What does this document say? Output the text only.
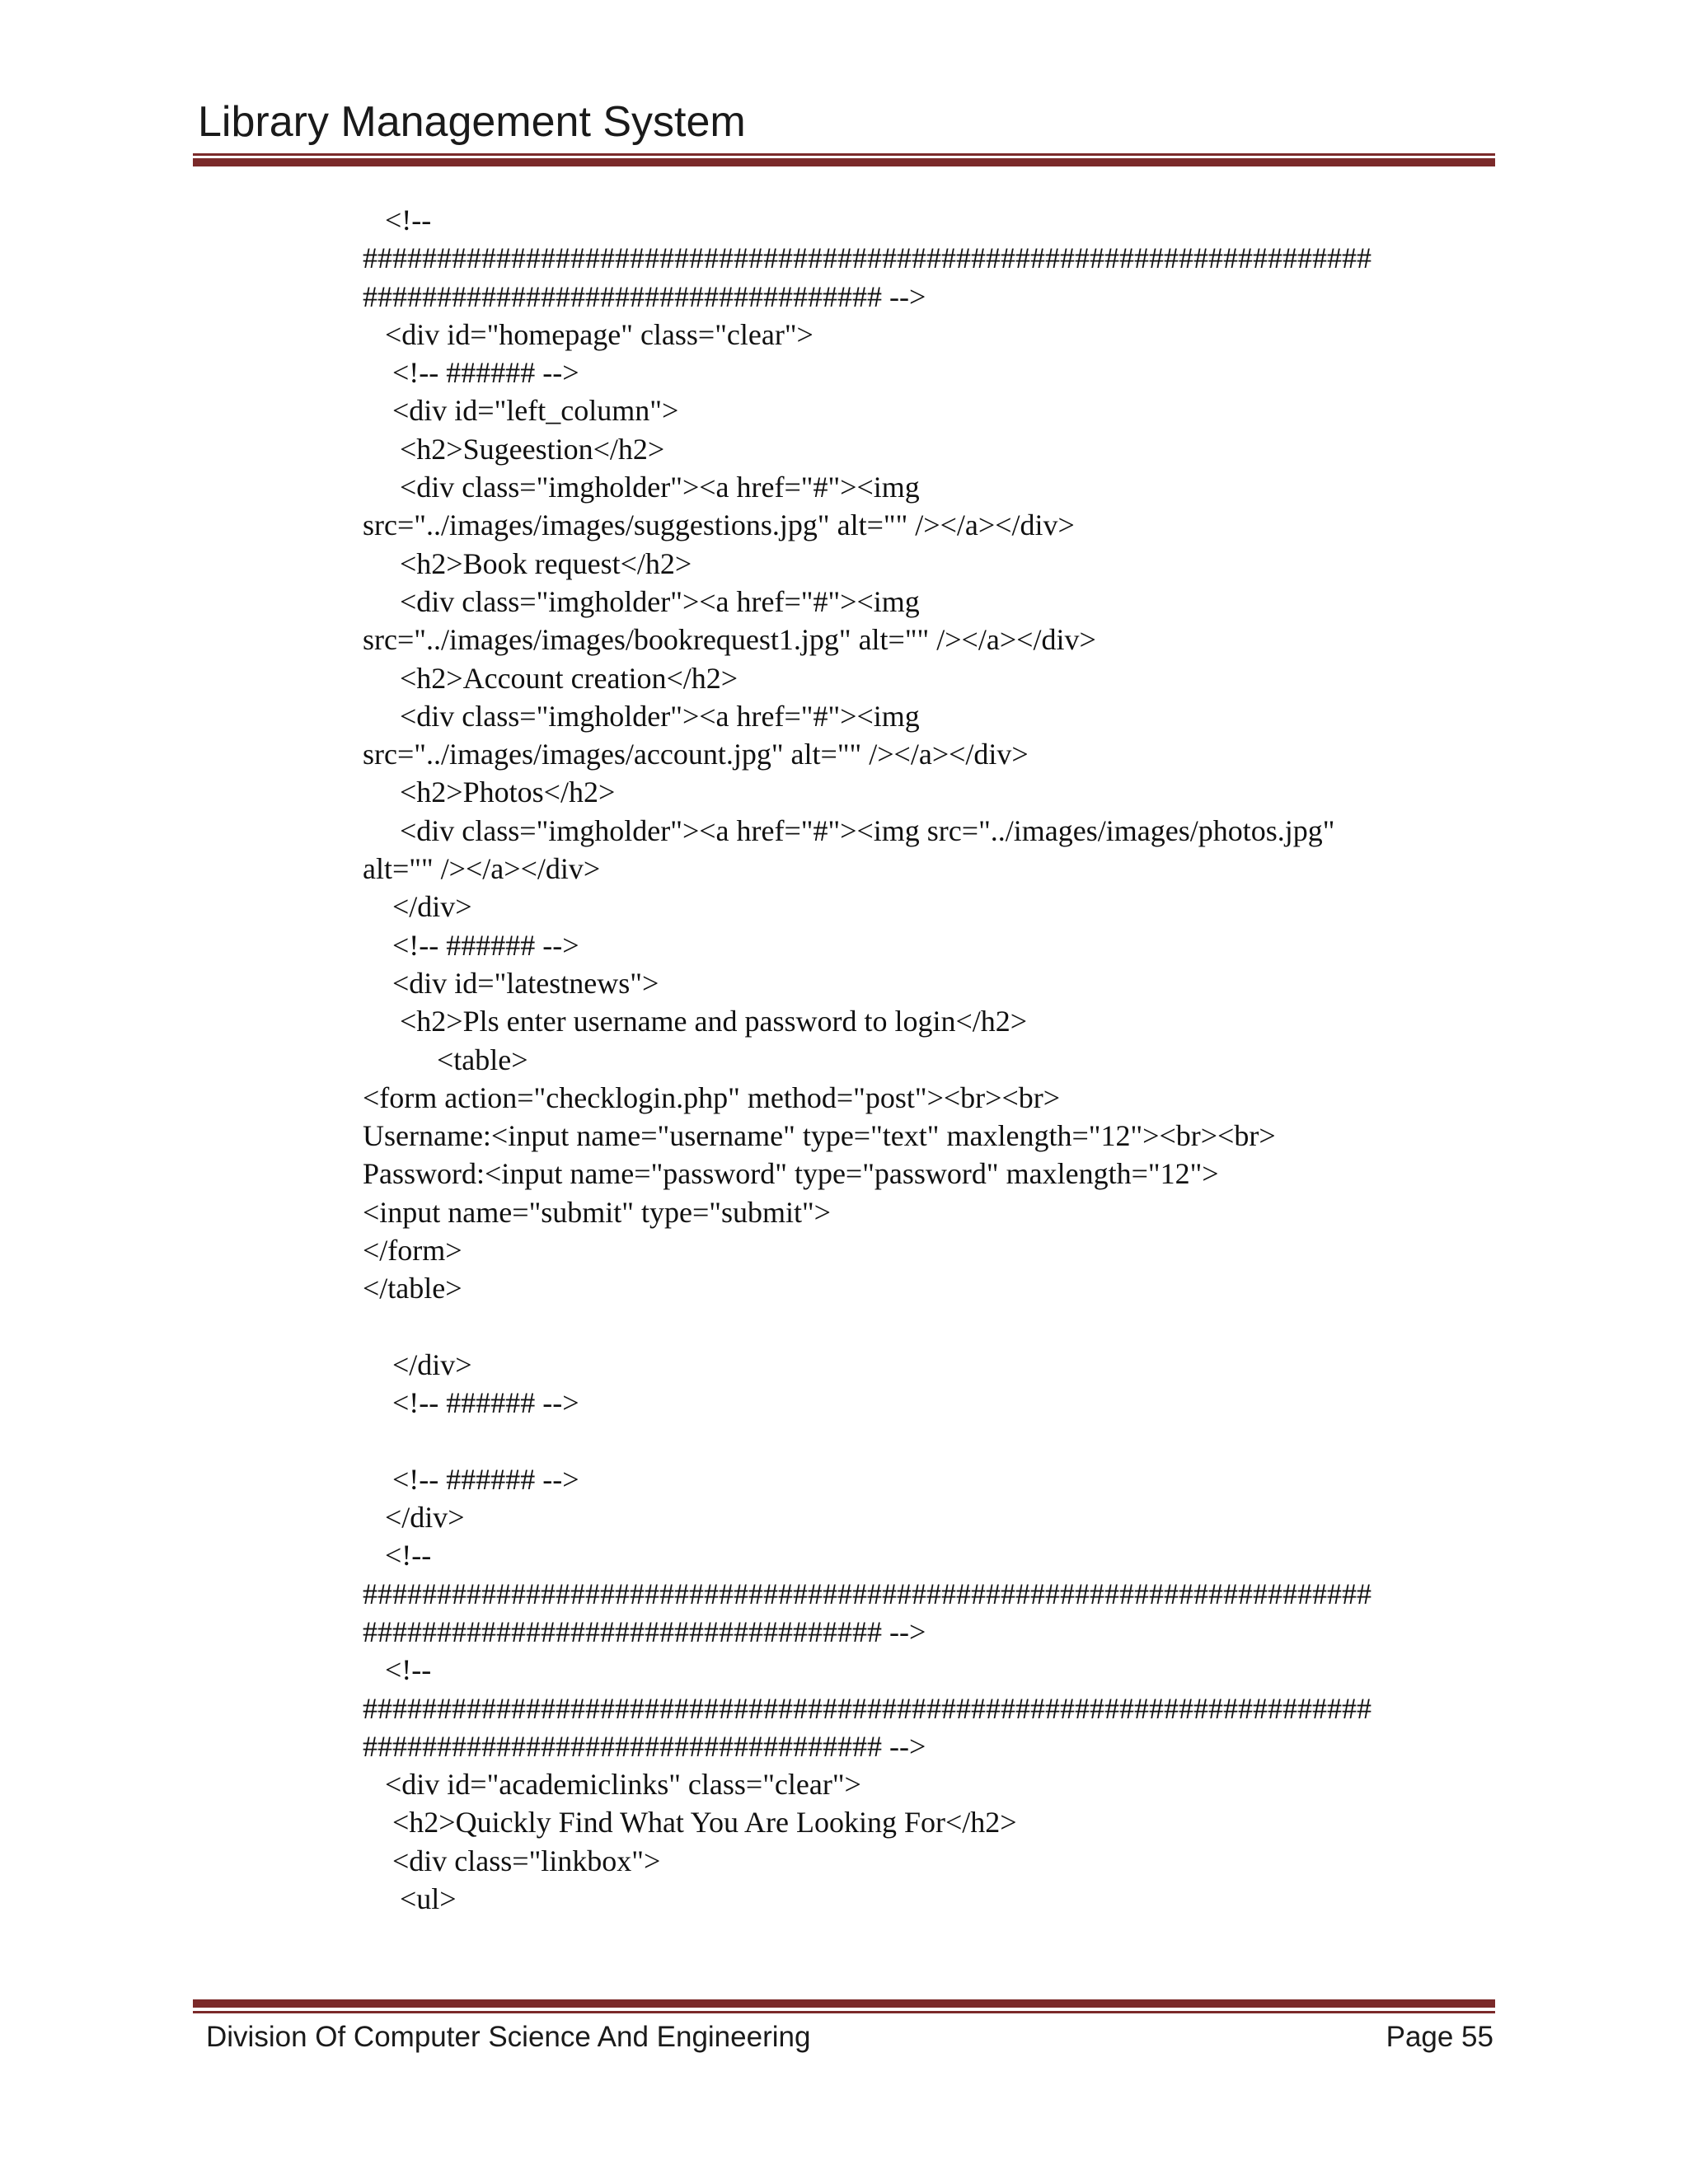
Library Management System
<!--
####################################################################
################################### -->
<div id="homepage" class="clear">
<!-- ###### -->
<div id="left_column">
<h2>Sugeestion</h2>
<div class="imgholder"><a href="#"><img
src="../images/images/suggestions.jpg" alt="" /></a></div>
<h2>Book request</h2>
<div class="imgholder"><a href="#"><img
src="../images/images/bookrequest1.jpg" alt="" /></a></div>
<h2>Account creation</h2>
<div class="imgholder"><a href="#"><img
src="../images/images/account.jpg" alt="" /></a></div>
<h2>Photos</h2>
<div class="imgholder"><a href="#"><img src="../images/images/photos.jpg"
alt="" /></a></div>
</div>
<!-- ###### -->
<div id="latestnews">
<h2>Pls enter username and password to login</h2>
<table>
<form action="checklogin.php" method="post"><br><br>
Username:<input name="username" type="text" maxlength="12"><br><br>
Password:<input name="password" type="password" maxlength="12">
<input name="submit" type="submit">
</form>
</table>
</div>
<!-- ###### -->
<!-- ###### -->
</div>
<!--
####################################################################
################################### -->
<!--
####################################################################
################################### -->
<div id="academiclinks" class="clear">
<h2>Quickly Find What You Are Looking For</h2>
<div class="linkbox">
<ul>
Division Of Computer Science And Engineering	Page 55
